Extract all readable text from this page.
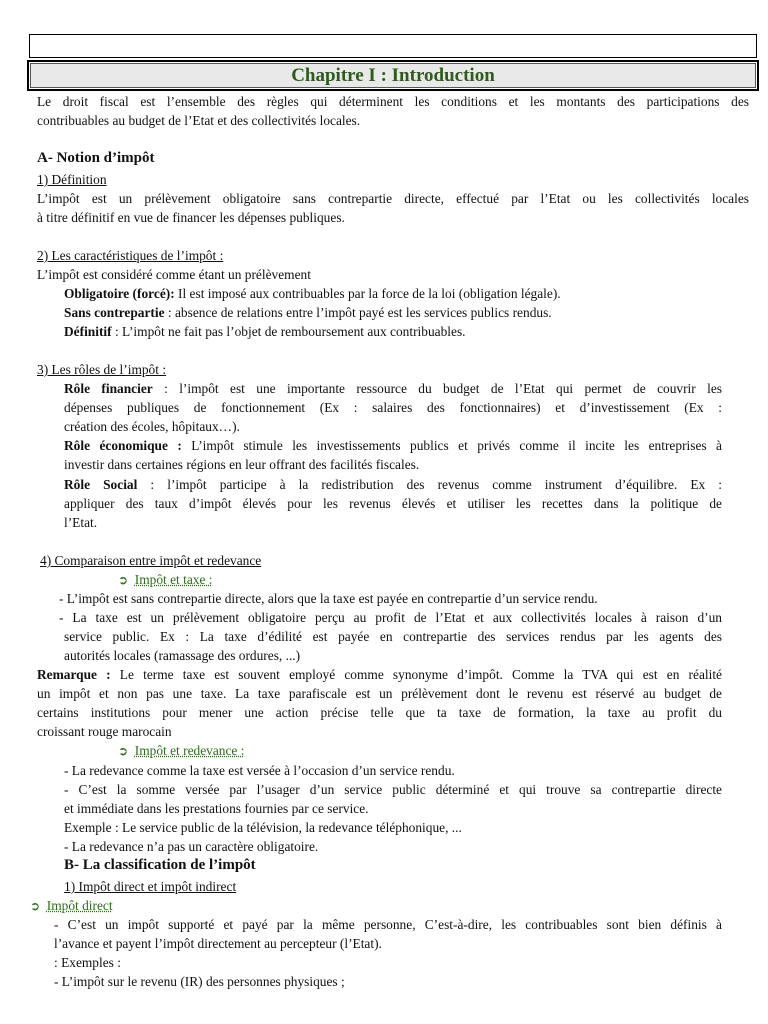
Chapitre I : Introduction
Le droit fiscal est l’ensemble des règles qui déterminent les conditions et les montants des participations des
contribuables au budget de l’Etat et des collectivités locales.
A- Notion d’impôt
1) Définition
L’impôt est un prélèvement obligatoire sans contrepartie directe, effectué par l’Etat ou les collectivités locales
à titre définitif en vue de financer les dépenses publiques.
2) Les caractéristiques de l’impôt :
L’impôt est considéré comme étant un prélèvement
Obligatoire (forcé): Il est imposé aux contribuables par la force de la loi (obligation légale).
Sans contrepartie : absence de relations entre l’impôt payé est les services publics rendus.
Définitif : L’impôt ne fait pas l’objet de remboursement aux contribuables.
3) Les rôles de l’impôt :
Rôle financier : l’impôt est une importante ressource du budget de l’Etat qui permet de couvrir les
dépenses publiques de fonctionnement (Ex : salaires des fonctionnaires) et d’investissement (Ex :
création des écoles, hôpitaux…).
Rôle économique : L’impôt stimule les investissements publics et privés comme il incite les entreprises à
investir dans certaines régions en leur offrant des facilités fiscales.
Rôle Social : l’impôt participe à la redistribution des revenus comme instrument d’équilibre. Ex :
appliquer des taux d’impôt élevés pour les revenus élevés et utiliser les recettes dans la politique de
l’Etat.
4) Comparaison entre impôt et redevance
➲ Impôt et taxe :
- L’impôt est sans contrepartie directe, alors que la taxe est payée en contrepartie d’un service rendu.
- La taxe est un prélèvement obligatoire perçu au profit de l’Etat et aux collectivités locales à raison d’un
service public. Ex : La taxe d’édilité est payée en contrepartie des services rendus par les agents des
autorités locales (ramassage des ordures, ...)
Remarque : Le terme taxe est souvent employé comme synonyme d’impôt. Comme la TVA qui est en réalité
un impôt et non pas une taxe. La taxe parafiscale est un prélèvement dont le revenu est réservé au budget de
certains institutions pour mener une action précise telle que ta taxe de formation, la taxe au profit du
croissant rouge marocain
➲ Impôt et redevance :
- La redevance comme la taxe est versée à l’occasion d’un service rendu.
- C’est la somme versée par l’usager d’un service public déterminé et qui trouve sa contrepartie directe
et immédiate dans les prestations fournies par ce service.
Exemple : Le service public de la télévision, la redevance téléphonique, ...
- La redevance n’a pas un caractère obligatoire.
B- La classification de l’impôt
1) Impôt direct et impôt indirect
➲ Impôt direct
- C’est un impôt supporté et payé par la même personne, C’est-à-dire, les contribuables sont bien définis à
l’avance et payent l’impôt directement au percepteur (l’Etat).
: Exemples :
- L’impôt sur le revenu (IR) des personnes physiques ;
